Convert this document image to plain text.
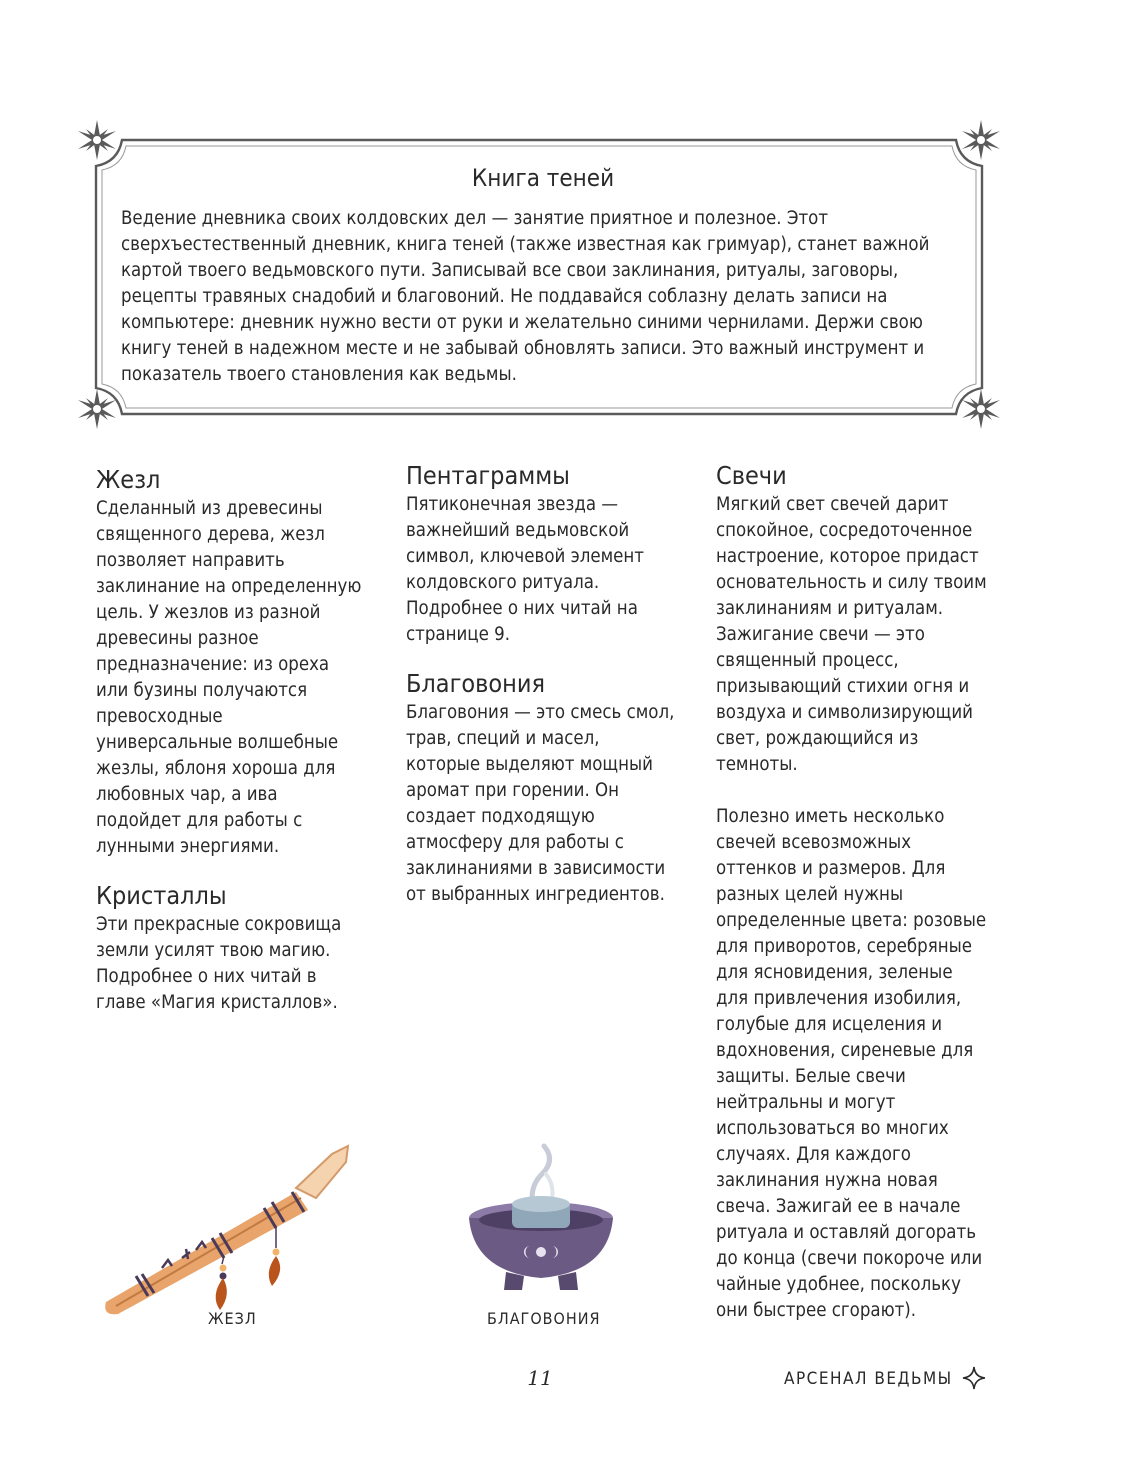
Книга теней
Ведение дневника своих колдовских дел — занятие приятное и полезное. Этот сверхъестественный дневник, книга теней (также известная как гримуар), станет важной картой твоего ведьмовского пути. Записывай все свои заклинания, ритуалы, заговоры, рецепты травяных снадобий и благовоний. Не поддавайся соблазну делать записи на компьютере: дневник нужно вести от руки и желательно синими чернилами. Держи свою книгу теней в надежном месте и не забывай обновлять записи. Это важный инструмент и показатель твоего становления как ведьмы.
Жезл

Сделанный из древесины священного дерева, жезл позволяет направить заклинание на определенную цель. У жезлов из разной древесины разное предназначение: из ореха или бузины получаются превосходные универсальные волшебные жезлы, яблоня хороша для любовных чар, а ива подойдет для работы с лунными энергиями.

Кристаллы

Эти прекрасные сокровища земли усилят твою магию. Подробнее о них читай в главе «Магия кристаллов».

Пентаграммы

Пятиконечная звезда — важнейший ведьмовской символ, ключевой элемент колдовского ритуала. Подробнее о них читай на странице 9.

Благовония

Благовония — это смесь смол, трав, специй и масел, которые выделяют мощный аромат при горении. Он создает подходящую атмосферу для работы с заклинаниями в зависимости от выбранных ингредиентов.

Свечи

Мягкий свет свечей дарит спокойное, сосредоточенное настроение, которое придаст основательность и силу твоим заклинаниям и ритуалам. Зажигание свечи — это священный процесс, призывающий стихии огня и воздуха и символизирующий свет, рождающийся из темноты.

Полезно иметь несколько свечей всевозможных оттенков и размеров. Для разных целей нужны определенные цвета: розовые для приворотов, серебряные для ясновидения, зеленые для привлечения изобилия, голубые для исцеления и вдохновения, сиреневые для защиты. Белые свечи нейтральны и могут использоваться во многих случаях. Для каждого заклинания нужна новая свеча. Зажигай ее в начале ритуала и оставляй догорать до конца (свечи покороче или чайные удобнее, поскольку они быстрее сгорают).

ЖЕЗЛ	БЛАГОВОНИЯ
11	АРСЕНАЛ ВЕДЬМЫ
